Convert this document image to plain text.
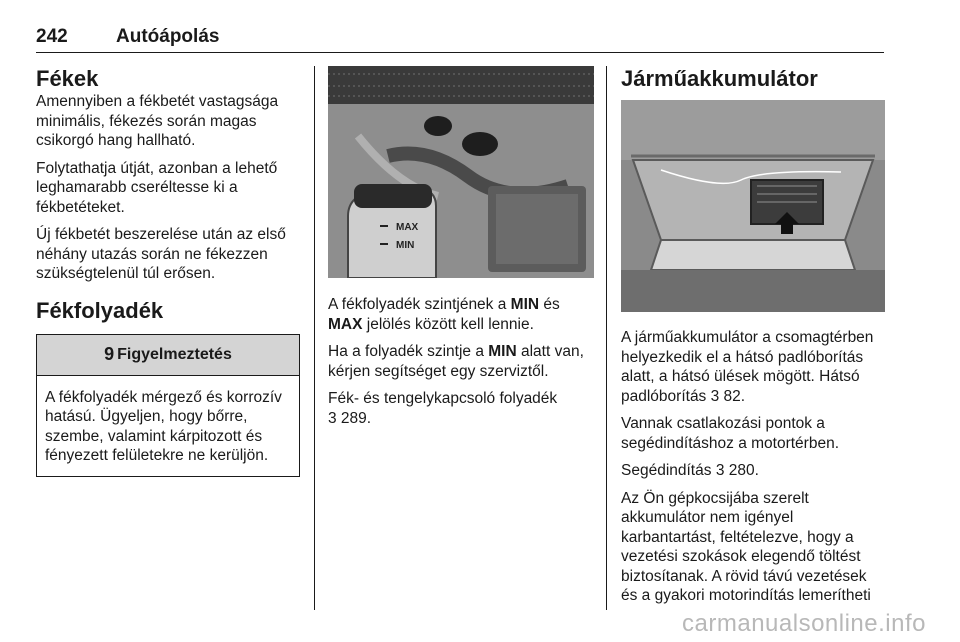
242	Autóápolás
Fékek

Amennyiben a fékbetét vastagsága minimális, fékezés során magas csikorgó hang hallható.

Folytathatja útját, azonban a lehető leghamarabb cseréltesse ki a fékbetéteket.

Új fékbetét beszerelése után az első néhány utazás során ne fékezzen szükségtelenül túl erősen.

Fékfolyadék
9 Figyelmeztetés

A fékfolyadék mérgező és korrozív hatású. Ügyeljen, hogy bőrre, szembe, valamint kárpitozott és fényezett felületekre ne kerüljön.

MAX
MIN

A fékfolyadék szintjének a MIN és MAX jelölés között kell lennie.

Ha a folyadék szintje a MIN alatt van, kérjen segítséget egy szerviztől.

Fék- és tengelykapcsoló folyadék
3 289.

Járműakkumulátor

A járműakkumulátor a csomagtérben helyezkedik el a hátsó padlóborítás alatt, a hátsó ülések mögött. Hátsó padlóborítás 3 82.

Vannak csatlakozási pontok a segédindításhoz a motortérben.

Segédindítás 3 280.

Az Ön gépkocsijába szerelt akkumulátor nem igényel karbantartást, feltételezve, hogy a vezetési szokások elegendő töltést biztosítanak. A rövid távú vezetések és a gyakori motorindítás lemerítheti

carmanualsonline.info
